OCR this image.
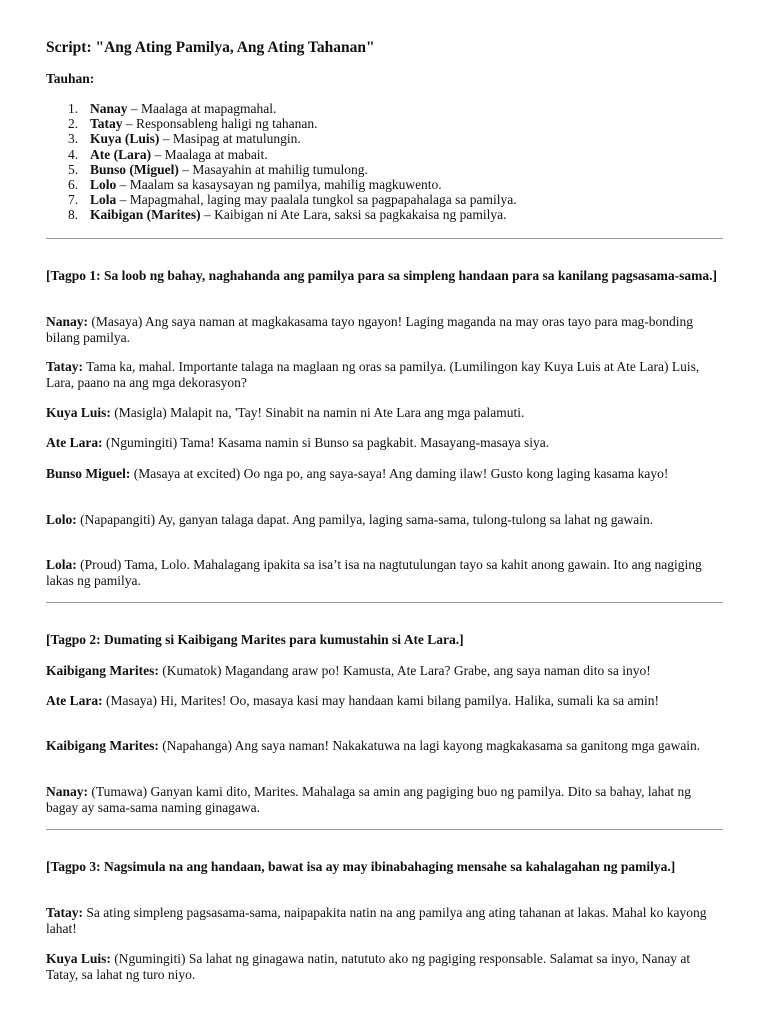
Script: "Ang Ating Pamilya, Ang Ating Tahanan"
Tauhan:
1. Nanay – Maalaga at mapagmahal.
2. Tatay – Responsableng haligi ng tahanan.
3. Kuya (Luis) – Masipag at matulungin.
4. Ate (Lara) – Maalaga at mabait.
5. Bunso (Miguel) – Masayahin at mahilig tumulong.
6. Lolo – Maalam sa kasaysayan ng pamilya, mahilig magkuwento.
7. Lola – Mapagmahal, laging may paalala tungkol sa pagpapahalaga sa pamilya.
8. Kaibigan (Marites) – Kaibigan ni Ate Lara, saksi sa pagkakaisa ng pamilya.

[Tagpo 1: Sa loob ng bahay, naghahanda ang pamilya para sa simpleng handaan para sa kanilang pagsasama-sama.]

Nanay: (Masaya) Ang saya naman at magkakasama tayo ngayon! Laging maganda na may oras tayo para mag-bonding bilang pamilya.

Tatay: Tama ka, mahal. Importante talaga na maglaan ng oras sa pamilya. (Lumilingon kay Kuya Luis at Ate Lara) Luis, Lara, paano na ang mga dekorasyon?

Kuya Luis: (Masigla) Malapit na, 'Tay! Sinabit na namin ni Ate Lara ang mga palamuti.

Ate Lara: (Ngumingiti) Tama! Kasama namin si Bunso sa pagkabit. Masayang-masaya siya.

Bunso Miguel: (Masaya at excited) Oo nga po, ang saya-saya! Ang daming ilaw! Gusto kong laging kasama kayo!

Lolo: (Napapangiti) Ay, ganyan talaga dapat. Ang pamilya, laging sama-sama, tulong-tulong sa lahat ng gawain.

Lola: (Proud) Tama, Lolo. Mahalagang ipakita sa isa’t isa na nagtutulungan tayo sa kahit anong gawain. Ito ang nagiging lakas ng pamilya.

[Tagpo 2: Dumating si Kaibigang Marites para kumustahin si Ate Lara.]

Kaibigang Marites: (Kumatok) Magandang araw po! Kamusta, Ate Lara? Grabe, ang saya naman dito sa inyo!

Ate Lara: (Masaya) Hi, Marites! Oo, masaya kasi may handaan kami bilang pamilya. Halika, sumali ka sa amin!

Kaibigang Marites: (Napahanga) Ang saya naman! Nakakatuwa na lagi kayong magkakasama sa ganitong mga gawain.

Nanay: (Tumawa) Ganyan kami dito, Marites. Mahalaga sa amin ang pagiging buo ng pamilya. Dito sa bahay, lahat ng bagay ay sama-sama naming ginagawa.

[Tagpo 3: Nagsimula na ang handaan, bawat isa ay may ibinabahaging mensahe sa kahalagahan ng pamilya.]

Tatay: Sa ating simpleng pagsasama-sama, naipapakita natin na ang pamilya ang ating tahanan at lakas. Mahal ko kayong lahat!

Kuya Luis: (Ngumingiti) Sa lahat ng ginagawa natin, natututo ako ng pagiging responsable. Salamat sa inyo, Nanay at Tatay, sa lahat ng turo niyo.
